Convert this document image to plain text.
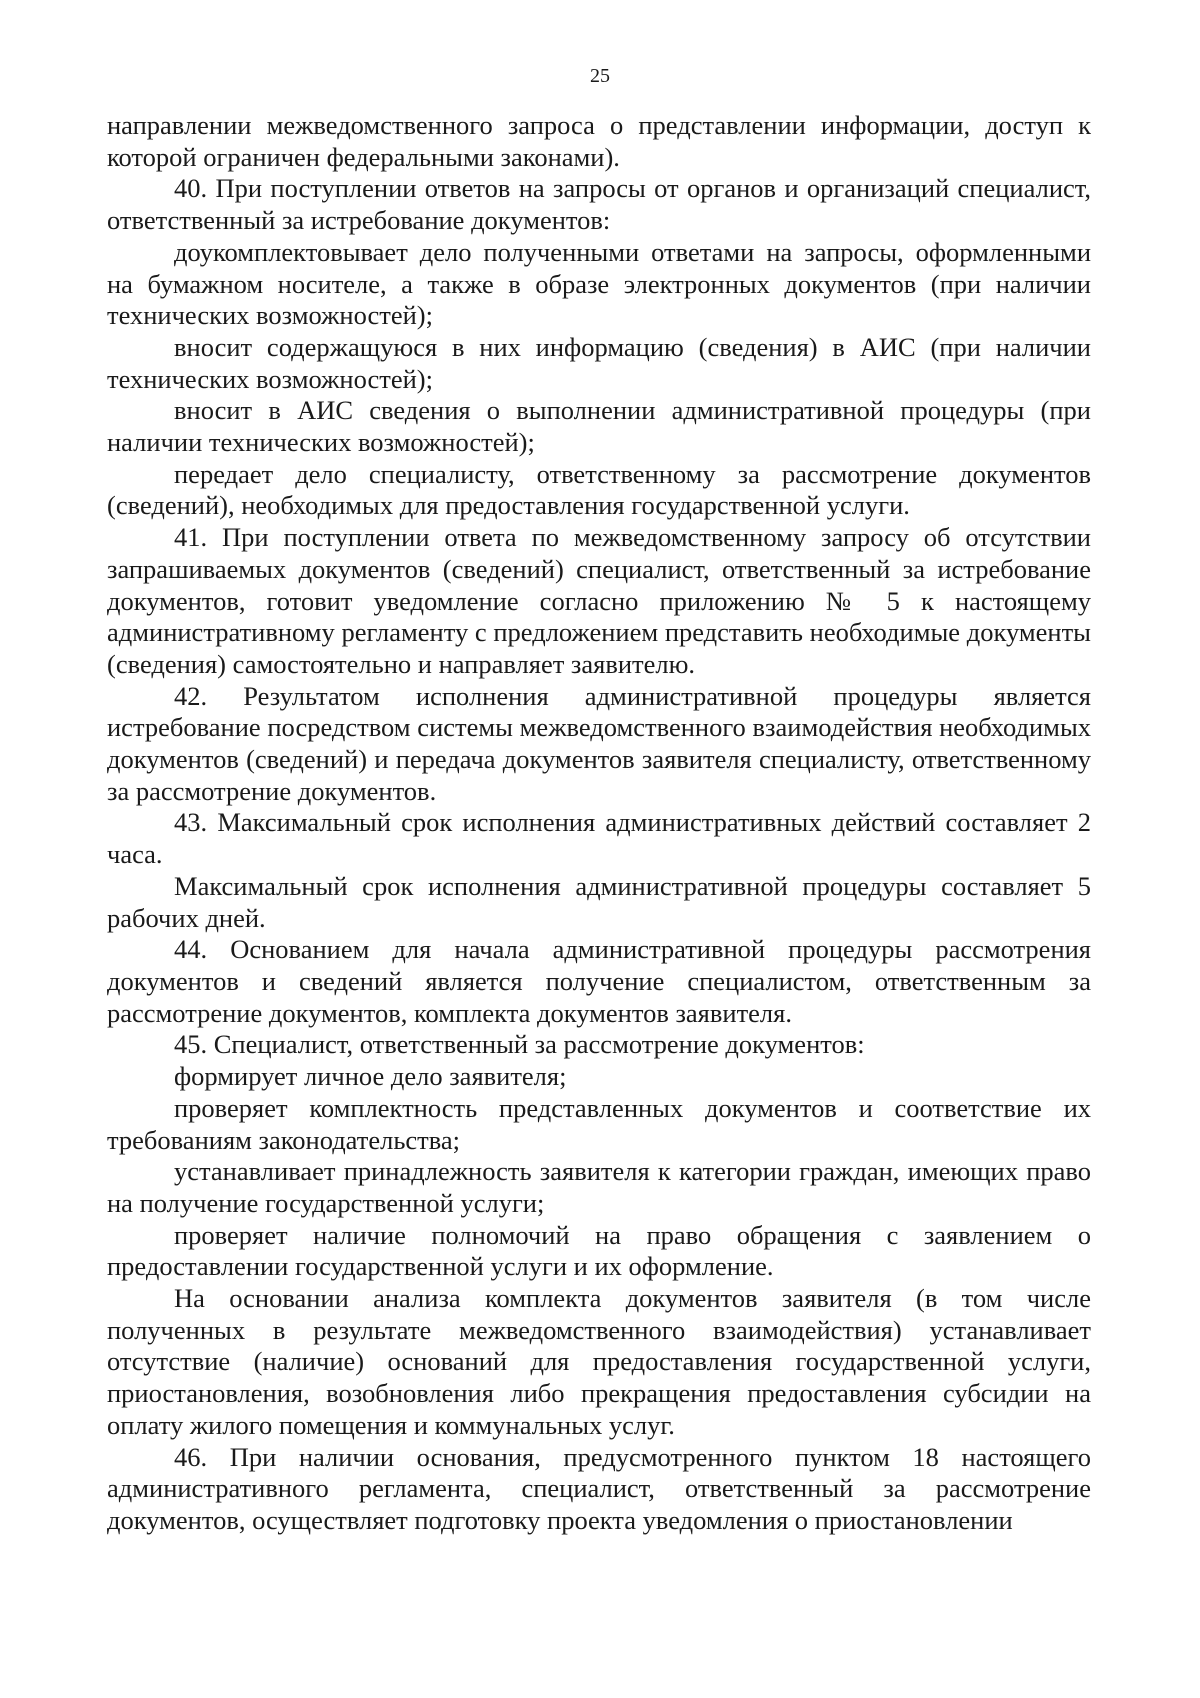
25

направлении межведомственного запроса о представлении информации, доступ к которой ограничен федеральными законами).

40. При поступлении ответов на запросы от органов и организаций специалист, ответственный за истребование документов:

доукомплектовывает дело полученными ответами на запросы, оформленными на бумажном носителе, а также в образе электронных документов (при наличии технических возможностей);

вносит содержащуюся в них информацию (сведения) в АИС (при наличии технических возможностей);

вносит в АИС сведения о выполнении административной процедуры (при наличии технических возможностей);

передает дело специалисту, ответственному за рассмотрение документов (сведений), необходимых для предоставления государственной услуги.

41. При поступлении ответа по межведомственному запросу об отсутствии запрашиваемых документов (сведений) специалист, ответственный за истребование документов, готовит уведомление согласно приложению № 5 к настоящему административному регламенту с предложением представить необходимые документы (сведения) самостоятельно и направляет заявителю.

42. Результатом исполнения административной процедуры является истребование посредством системы межведомственного взаимодействия необходимых документов (сведений) и передача документов заявителя специалисту, ответственному за рассмотрение документов.

43. Максимальный срок исполнения административных действий составляет 2 часа.

Максимальный срок исполнения административной процедуры составляет 5 рабочих дней.

44. Основанием для начала административной процедуры рассмотрения документов и сведений является получение специалистом, ответственным за рассмотрение документов, комплекта документов заявителя.

45. Специалист, ответственный за рассмотрение документов:

формирует личное дело заявителя;

проверяет комплектность представленных документов и соответствие их требованиям законодательства;

устанавливает принадлежность заявителя к категории граждан, имеющих право на получение государственной услуги;

проверяет наличие полномочий на право обращения с заявлением о предоставлении государственной услуги и их оформление.

На основании анализа комплекта документов заявителя (в том числе полученных в результате межведомственного взаимодействия) устанавливает отсутствие (наличие) оснований для предоставления государственной услуги, приостановления, возобновления либо прекращения предоставления субсидии на оплату жилого помещения и коммунальных услуг.

46. При наличии основания, предусмотренного пунктом 18 настоящего административного регламента, специалист, ответственный за рассмотрение документов, осуществляет подготовку проекта уведомления о приостановлении
